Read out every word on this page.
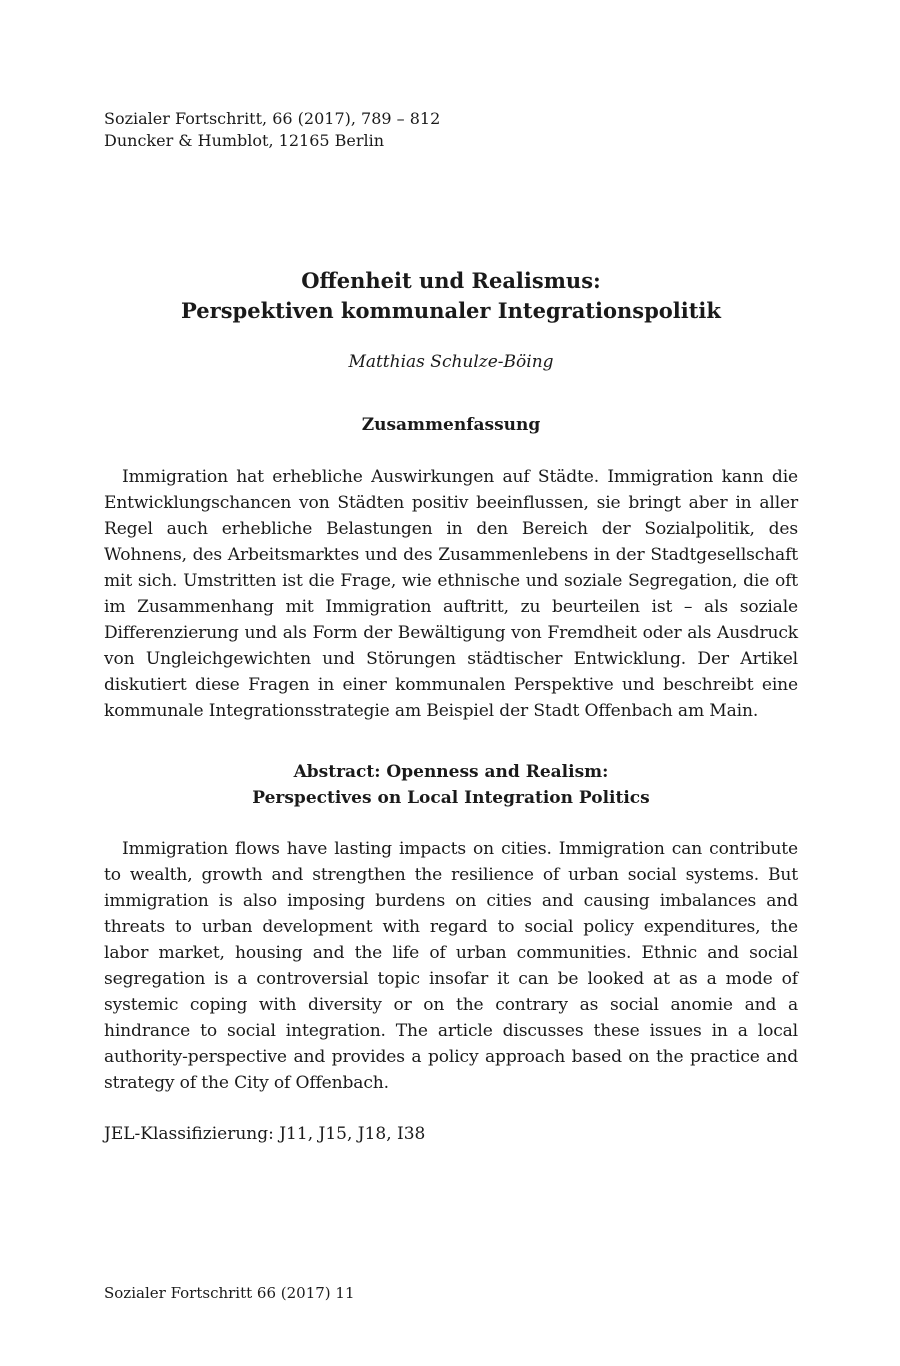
Sozialer Fortschritt, 66 (2017), 789 – 812
Duncker & Humblot, 12165 Berlin
Offenheit und Realismus:
Perspektiven kommunaler Integrationspolitik
Matthias Schulze-Böing
Zusammenfassung
Immigration hat erhebliche Auswirkungen auf Städte. Immigration kann die Entwicklungschancen von Städten positiv beeinflussen, sie bringt aber in aller Regel auch erhebliche Belastungen in den Bereich der Sozialpolitik, des Wohnens, des Arbeitsmarktes und des Zusammenlebens in der Stadtgesellschaft mit sich. Umstritten ist die Frage, wie ethnische und soziale Segregation, die oft im Zusammenhang mit Immigration auftritt, zu beurteilen ist – als soziale Differenzierung und als Form der Bewältigung von Fremdheit oder als Ausdruck von Ungleichgewichten und Störungen städtischer Entwicklung. Der Artikel diskutiert diese Fragen in einer kommunalen Perspektive und beschreibt eine kommunale Integrationsstrategie am Beispiel der Stadt Offenbach am Main.
Abstract: Openness and Realism:
Perspectives on Local Integration Politics
Immigration flows have lasting impacts on cities. Immigration can contribute to wealth, growth and strengthen the resilience of urban social systems. But immigration is also imposing burdens on cities and causing imbalances and threats to urban development with regard to social policy expenditures, the labor market, housing and the life of urban communities. Ethnic and social segregation is a controversial topic insofar it can be looked at as a mode of systemic coping with diversity or on the contrary as social anomie and a hindrance to social integration. The article discusses these issues in a local authority-perspective and provides a policy approach based on the practice and strategy of the City of Offenbach.
JEL-Klassifizierung: J11, J15, J18, I38
Sozialer Fortschritt 66 (2017) 11
